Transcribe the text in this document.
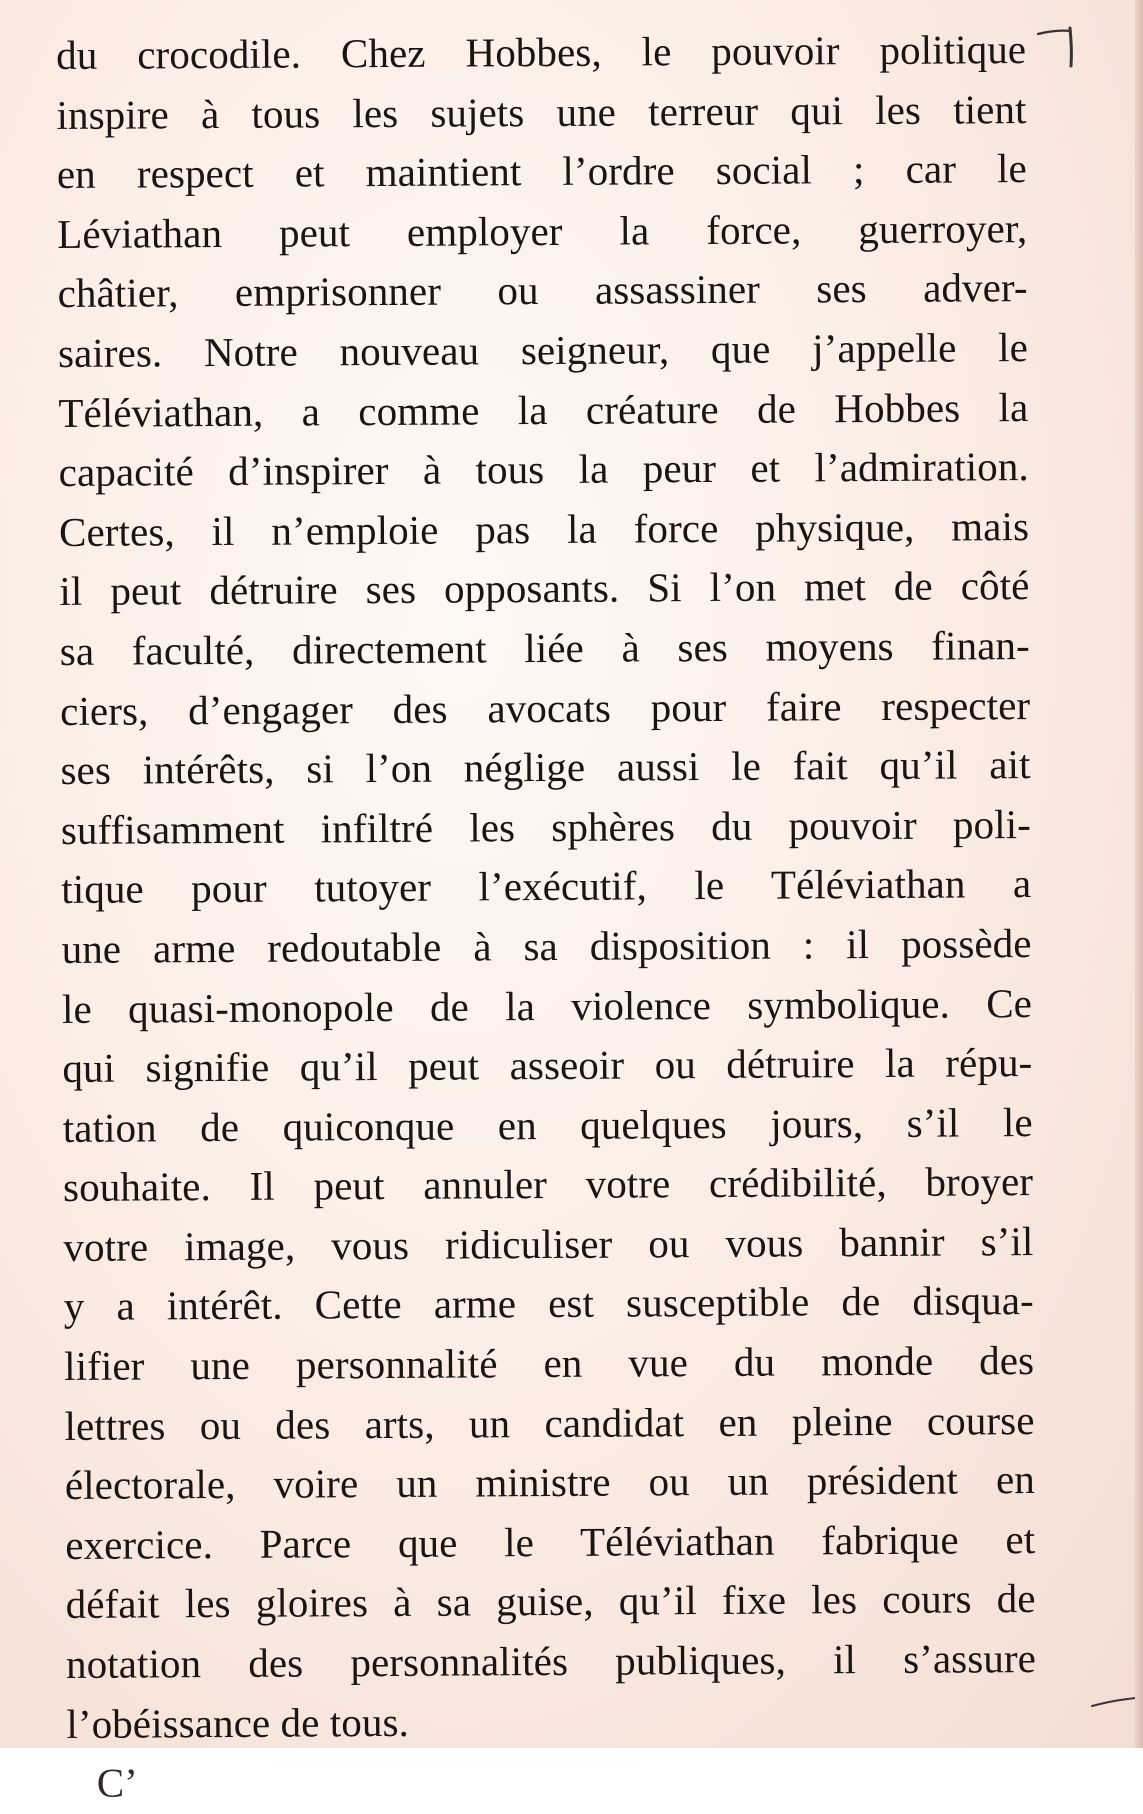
du crocodile. Chez Hobbes, le pouvoir politique
inspire à tous les sujets une terreur qui les tient
en respect et maintient l’ordre social ; car le
Léviathan peut employer la force, guerroyer,
châtier, emprisonner ou assassiner ses adver-
saires. Notre nouveau seigneur, que j’appelle le
Téléviathan, a comme la créature de Hobbes la
capacité d’inspirer à tous la peur et l’admiration.
Certes, il n’emploie pas la force physique, mais
il peut détruire ses opposants. Si l’on met de côté
sa faculté, directement liée à ses moyens finan-
ciers, d’engager des avocats pour faire respecter
ses intérêts, si l’on néglige aussi le fait qu’il ait
suffisamment infiltré les sphères du pouvoir poli-
tique pour tutoyer l’exécutif, le Téléviathan a
une arme redoutable à sa disposition : il possède
le quasi-monopole de la violence symbolique. Ce
qui signifie qu’il peut asseoir ou détruire la répu-
tation de quiconque en quelques jours, s’il le
souhaite. Il peut annuler votre crédibilité, broyer
votre image, vous ridiculiser ou vous bannir s’il
y a intérêt. Cette arme est susceptible de disqua-
lifier une personnalité en vue du monde des
lettres ou des arts, un candidat en pleine course
électorale, voire un ministre ou un président en
exercice. Parce que le Téléviathan fabrique et
défait les gloires à sa guise, qu’il fixe les cours de
notation des personnalités publiques, il s’assure
l’obéissance de tous.
C’
